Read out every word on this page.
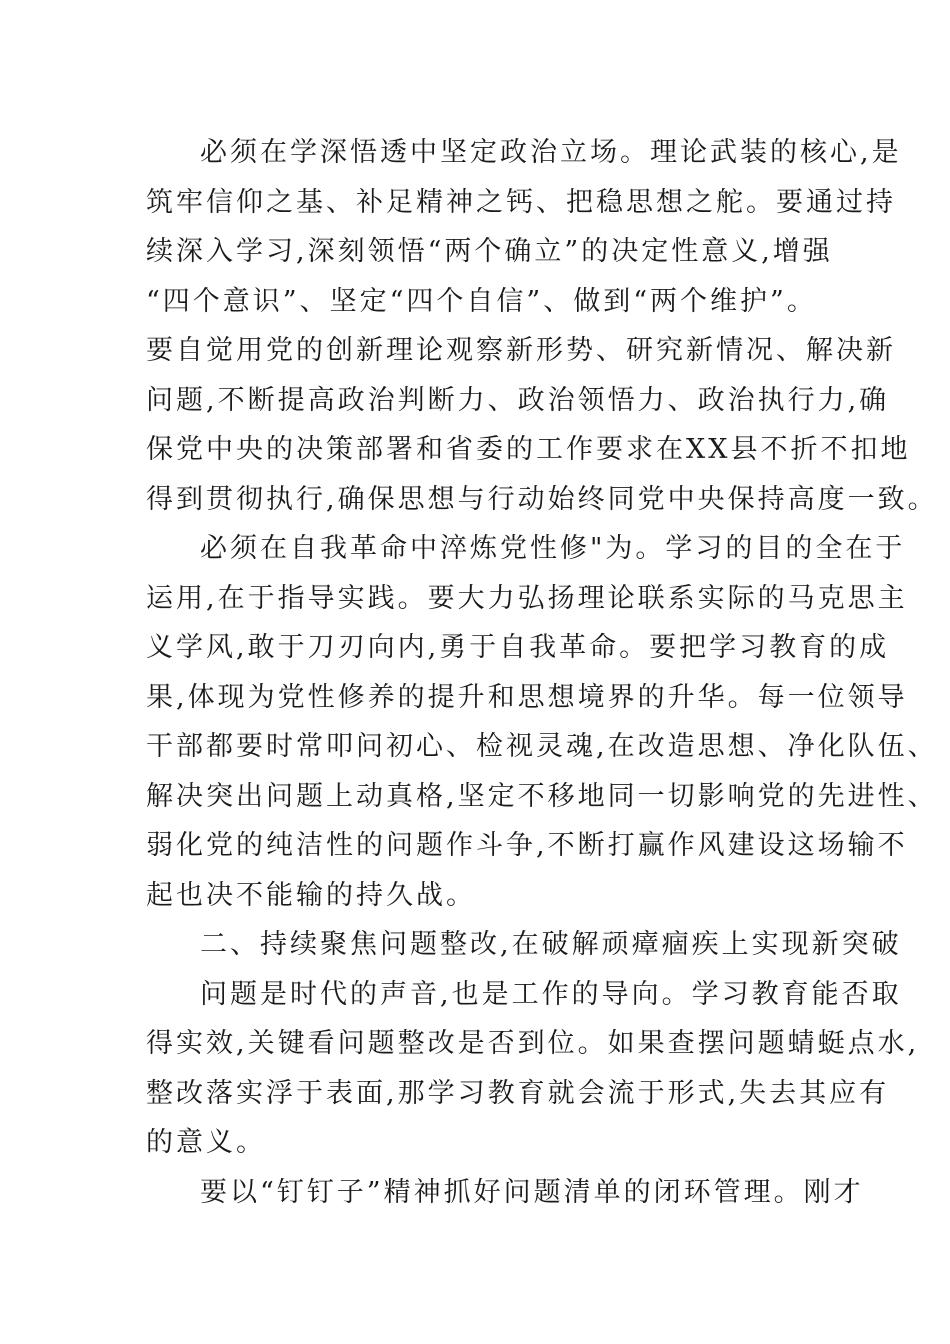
必须在学深悟透中坚定政治立场。理论武装的核心,是
筑牢信仰之基、补足精神之钙、把稳思想之舵。要通过持
续深入学习,深刻领悟“两个确立”的决定性意义,增强
“四个意识”、坚定“四个自信”、做到“两个维护”。
要自觉用党的创新理论观察新形势、研究新情况、解决新
问题,不断提高政治判断力、政治领悟力、政治执行力,确
保党中央的决策部署和省委的工作要求在XX县不折不扣地
得到贯彻执行,确保思想与行动始终同党中央保持高度一致。
必须在自我革命中淬炼党性修"为。学习的目的全在于
运用,在于指导实践。要大力弘扬理论联系实际的马克思主
义学风,敢于刀刃向内,勇于自我革命。要把学习教育的成
果,体现为党性修养的提升和思想境界的升华。每一位领导
干部都要时常叩问初心、检视灵魂,在改造思想、净化队伍、
解决突出问题上动真格,坚定不移地同一切影响党的先进性、
弱化党的纯洁性的问题作斗争,不断打赢作风建设这场输不
起也决不能输的持久战。
二、持续聚焦问题整改,在破解顽瘴痼疾上实现新突破
问题是时代的声音,也是工作的导向。学习教育能否取
得实效,关键看问题整改是否到位。如果查摆问题蜻蜓点水,
整改落实浮于表面,那学习教育就会流于形式,失去其应有
的意义。
要以“钉钉子”精神抓好问题清单的闭环管理。刚才
